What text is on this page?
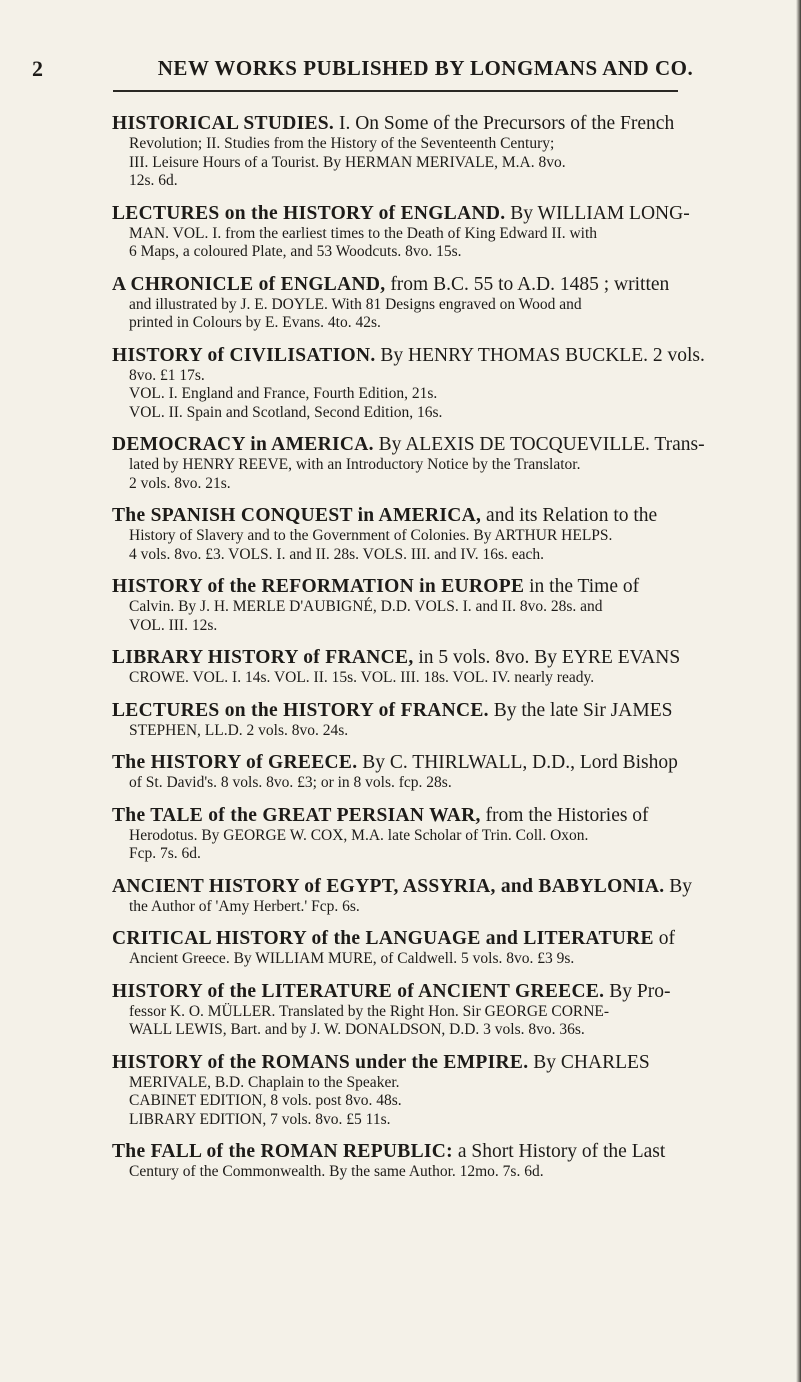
2	NEW WORKS PUBLISHED BY LONGMANS AND CO.
HISTORICAL STUDIES. I. On Some of the Precursors of the French
Revolution; II. Studies from the History of the Seventeenth Century;
III. Leisure Hours of a Tourist. By HERMAN MERIVALE, M.A. 8vo.
12s. 6d.
LECTURES on the HISTORY of ENGLAND. By WILLIAM LONG-
MAN. VOL. I. from the earliest times to the Death of King Edward II. with
6 Maps, a coloured Plate, and 53 Woodcuts. 8vo. 15s.
A CHRONICLE of ENGLAND, from B.C. 55 to A.D. 1485 ; written
and illustrated by J. E. DOYLE. With 81 Designs engraved on Wood and
printed in Colours by E. Evans. 4to. 42s.
HISTORY of CIVILISATION. By HENRY THOMAS BUCKLE. 2 vols.
8vo. £1 17s.
VOL. I. England and France, Fourth Edition, 21s.
VOL. II. Spain and Scotland, Second Edition, 16s.
DEMOCRACY in AMERICA. By ALEXIS DE TOCQUEVILLE. Trans-
lated by HENRY REEVE, with an Introductory Notice by the Translator.
2 vols. 8vo. 21s.
The SPANISH CONQUEST in AMERICA, and its Relation to the
History of Slavery and to the Government of Colonies. By ARTHUR HELPS.
4 vols. 8vo. £3. VOLS. I. and II. 28s. VOLS. III. and IV. 16s. each.
HISTORY of the REFORMATION in EUROPE in the Time of
Calvin. By J. H. MERLE D'AUBIGNÉ, D.D. VOLS. I. and II. 8vo. 28s. and
VOL. III. 12s.
LIBRARY HISTORY of FRANCE, in 5 vols. 8vo. By EYRE EVANS
CROWE. VOL. I. 14s. VOL. II. 15s. VOL. III. 18s. VOL. IV. nearly ready.
LECTURES on the HISTORY of FRANCE. By the late Sir JAMES
STEPHEN, LL.D. 2 vols. 8vo. 24s.
The HISTORY of GREECE. By C. THIRLWALL, D.D., Lord Bishop
of St. David's. 8 vols. 8vo. £3; or in 8 vols. fcp. 28s.
The TALE of the GREAT PERSIAN WAR, from the Histories of
Herodotus. By GEORGE W. COX, M.A. late Scholar of Trin. Coll. Oxon.
Fcp. 7s. 6d.
ANCIENT HISTORY of EGYPT, ASSYRIA, and BABYLONIA. By
the Author of 'Amy Herbert.' Fcp. 6s.
CRITICAL HISTORY of the LANGUAGE and LITERATURE of
Ancient Greece. By WILLIAM MURE, of Caldwell. 5 vols. 8vo. £3 9s.
HISTORY of the LITERATURE of ANCIENT GREECE. By Pro-
fessor K. O. MÜLLER. Translated by the Right Hon. Sir GEORGE CORNE-
WALL LEWIS, Bart. and by J. W. DONALDSON, D.D. 3 vols. 8vo. 36s.
HISTORY of the ROMANS under the EMPIRE. By CHARLES
MERIVALE, B.D. Chaplain to the Speaker.
CABINET EDITION, 8 vols. post 8vo. 48s.
LIBRARY EDITION, 7 vols. 8vo. £5 11s.
The FALL of the ROMAN REPUBLIC: a Short History of the Last
Century of the Commonwealth. By the same Author. 12mo. 7s. 6d.
